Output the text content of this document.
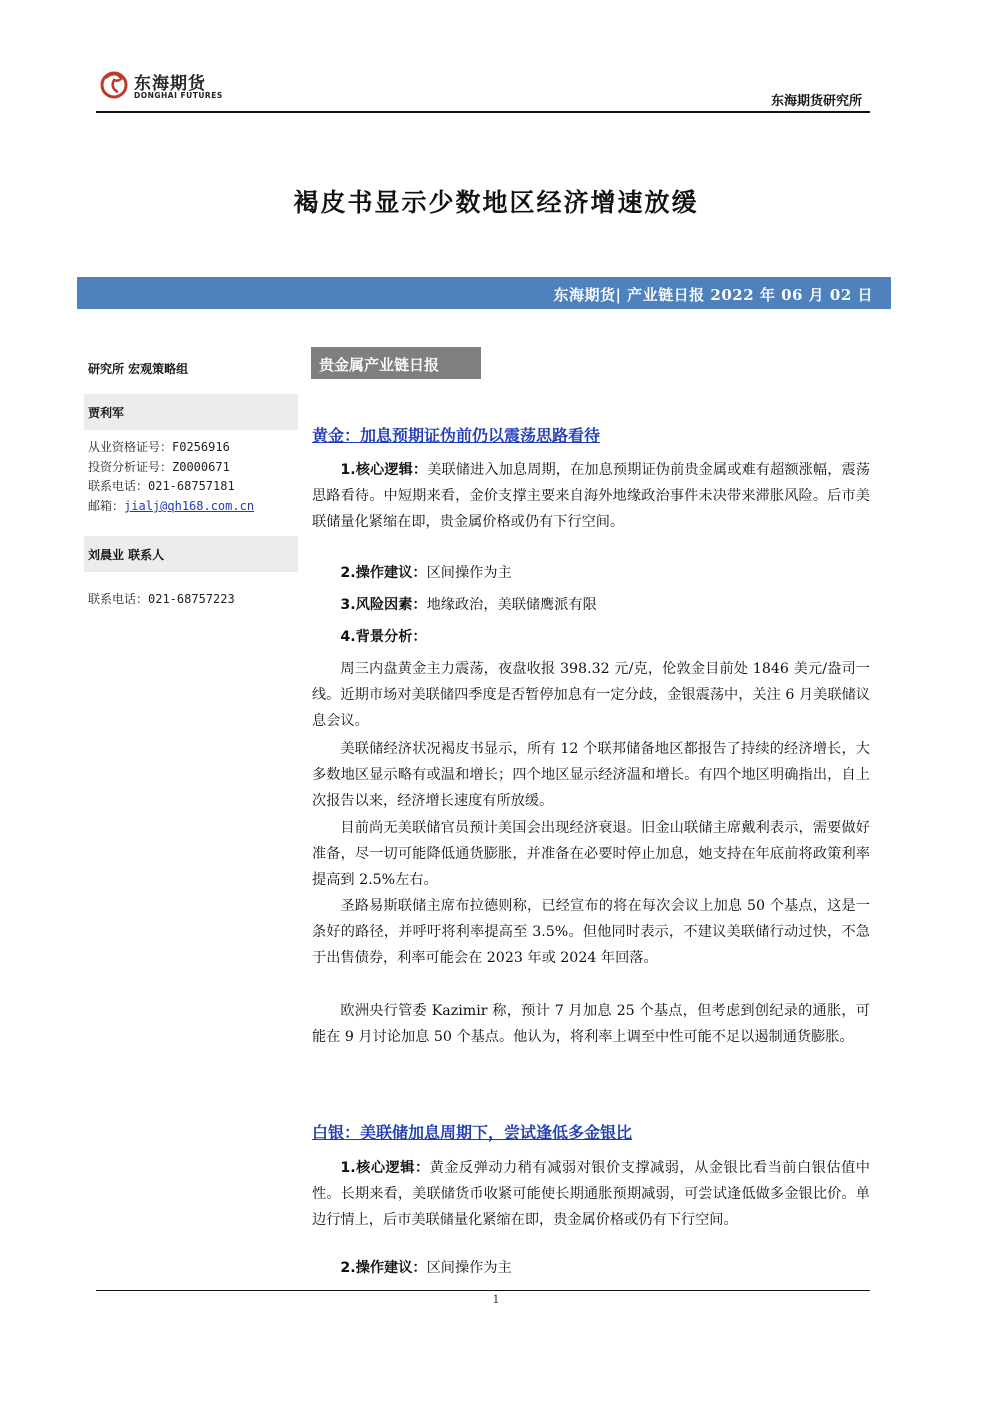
东海期货
DONGHAI FUTURES	东海期货研究所
褐皮书显示少数地区经济增速放缓
东海期货| 产业链日报 2022 年 06 月 02 日
研究所 宏观策略组
贾利军
从业资格证号：F0256916
投资分析证号：Z0000671
联系电话：021-68757181
邮箱：jialj@qh168.com.cn
刘晨业 联系人
联系电话：021-68757223
贵金属产业链日报
黄金：加息预期证伪前仍以震荡思路看待
1.核心逻辑：美联储进入加息周期，在加息预期证伪前贵金属或难有超额涨幅，震荡思路看待。中短期来看，金价支撑主要来自海外地缘政治事件未决带来滞胀风险。后市美联储量化紧缩在即，贵金属价格或仍有下行空间。
2.操作建议：区间操作为主
3.风险因素：地缘政治，美联储鹰派有限
4.背景分析：
周三内盘黄金主力震荡，夜盘收报 398.32 元/克，伦敦金目前处 1846 美元/盎司一线。近期市场对美联储四季度是否暂停加息有一定分歧，金银震荡中，关注 6 月美联储议息会议。
美联储经济状况褐皮书显示，所有 12 个联邦储备地区都报告了持续的经济增长，大多数地区显示略有或温和增长；四个地区显示经济温和增长。有四个地区明确指出，自上次报告以来，经济增长速度有所放缓。
目前尚无美联储官员预计美国会出现经济衰退。旧金山联储主席戴利表示，需要做好准备，尽一切可能降低通货膨胀，并准备在必要时停止加息，她支持在年底前将政策利率提高到 2.5%左右。
圣路易斯联储主席布拉德则称，已经宣布的将在每次会议上加息 50 个基点，这是一条好的路径，并呼吁将利率提高至 3.5%。但他同时表示，不建议美联储行动过快，不急于出售债券，利率可能会在 2023 年或 2024 年回落。
欧洲央行管委 Kazimir 称，预计 7 月加息 25 个基点，但考虑到创纪录的通胀，可能在 9 月讨论加息 50 个基点。他认为，将利率上调至中性可能不足以遏制通货膨胀。
白银：美联储加息周期下，尝试逢低多金银比
1.核心逻辑：黄金反弹动力稍有减弱对银价支撑减弱，从金银比看当前白银估值中性。长期来看，美联储货币收紧可能使长期通胀预期减弱，可尝试逢低做多金银比价。单边行情上，后市美联储量化紧缩在即，贵金属价格或仍有下行空间。
2.操作建议：区间操作为主
1
